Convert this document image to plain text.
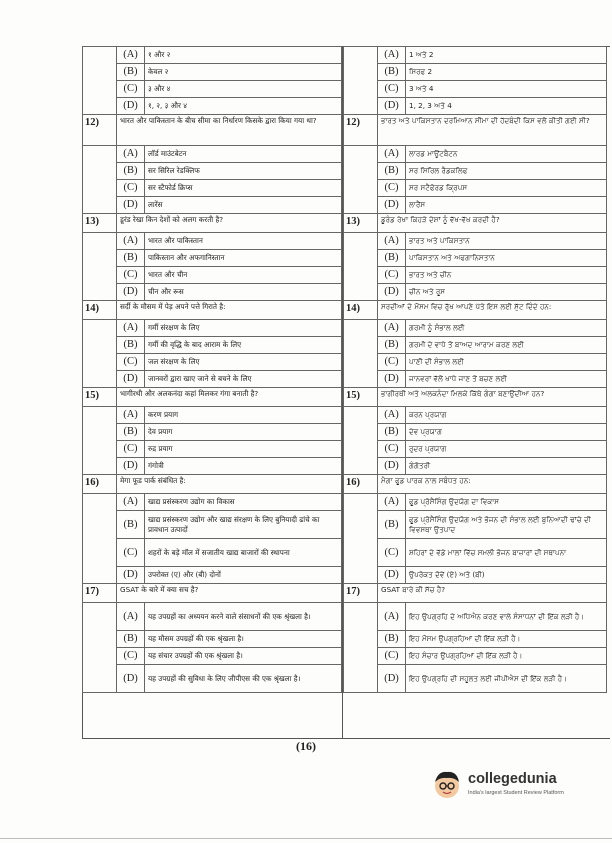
	(A)	१ और २
	(B)	केवल २
	(C)	३ और ४
	(D)	१, २, ३ और ४
12)	भारत और पाकिस्तान के बीच सीमा का निर्धारण किसके द्वारा किया गया था?	
	(A)	लॉर्ड माउंटबेटन
	(B)	सर सिरिल रेडक्लिफ
	(C)	सर स्टैफोर्ड क्रिप्स
	(D)	लारेंस
13)	डूरंड रेखा किन देशों को अलग करती है?	
	(A)	भारत और पाकिस्तान
	(B)	पाकिस्तान और अफगानिस्तान
	(C)	भारत और चीन
	(D)	चीन और रूस
14)	सर्दी के मौसम में पेड़ अपने पत्ते गिराते है:	
	(A)	गर्मी संरक्षण के लिए
	(B)	गर्मी की वृद्धि के बाद आराम के लिए
	(C)	जल संरक्षण के लिए
	(D)	जानवरों द्वारा खाए जाने से बचने के लिए
15)	भागीरथी और अलकनंदा कहां मिलकर गंगा बनाती है?	
	(A)	करण प्रयाग
	(B)	देव प्रयाग
	(C)	रुद्र प्रयाग
	(D)	गंगोत्री
16)	मेगा फूड पार्क संबंधित है:	
	(A)	खाद्य प्रसंस्करण उद्योग का विकास
	(B)	खाद्य प्रसंस्करण उद्योग और खाद्य संरक्षण के लिए बुनियादी ढांचे का प्रावधान उत्पादों
	(C)	शहरों के बड़े मॉल में सजातीय खाद्य बाजारों की स्थापना
	(D)	उपरोक्त (ए) और (बी) दोनों
17)	GSAT के बारे में क्या सच है?	
	(A)	यह उपग्रहों का अध्ययन करने वाले संसाधनों की एक श्रृंखला है।
	(B)	यह मौसम उपग्रहों की एक श्रृंखला है।
	(C)	यह संचार उपग्रहों की एक श्रृंखला है।
	(D)	यह उपग्रहों की सुविधा के लिए जीपीएस की एक श्रृंखला है।
	(A)	1 ਅਤੇ 2
	(B)	ਸਿਰਫ 2
	(C)	3 ਅਤੇ 4
	(D)	1, 2, 3 ਅਤੇ 4
12)	ਭਾਰਤ ਅਤੇ ਪਾਕਿਸਤਾਨ ਦਰਮਿਆਨ ਸੀਮਾ ਦੀ ਹੱਦਬੰਦੀ ਕਿਸ ਵਲੋਂ ਕੀਤੀ ਗਈ ਸੀ?	
	(A)	ਲਾਰਡ ਮਾਊਂਟਬੈਟਨ
	(B)	ਸਰ ਸਿਰਿਲ ਰੈਡਕਲਿਫ
	(C)	ਸਰ ਸਟੈਫੋਰਡ ਕ੍ਰਿਪਸ
	(D)	ਲਾਰੈਂਸ
13)	ਡੂਰੰਡ ਰੇਖਾ ਕਿਹੜੇ ਦੇਸ਼ਾਂ ਨੂੰ ਵੱਖ-ਵੱਖ ਕਰਦੀ ਹੈ?	
	(A)	ਭਾਰਤ ਅਤੇ ਪਾਕਿਸਤਾਨ
	(B)	ਪਾਕਿਸਤਾਨ ਅਤੇ ਅਫਗਾਨਿਸਤਾਨ
	(C)	ਭਾਰਤ ਅਤੇ ਚੀਨ
	(D)	ਚੀਨ ਅਤੇ ਰੂਸ
14)	ਸਰਦੀਆਂ ਦੇ ਮੌਸਮ ਵਿਚ ਰੁੱਖ ਆਪਣੇ ਪੱਤੇ ਇਸ ਲਈ ਸੁੱਟ ਦਿੰਦੇ ਹਨ:	
	(A)	ਗਰਮੀ ਨੂੰ ਸੰਭਾਲ ਲਈ
	(B)	ਗਰਮੀ ਦੇ ਵਾਧੇ ਤੋਂ ਬਾਅਦ ਆਰਾਮ ਕਰਣ ਲਈ
	(C)	ਪਾਣੀ ਦੀ ਸੰਭਾਲ ਲਈ
	(D)	ਜਾਨਵਰਾਂ ਵੱਲੋਂ ਖਾਧੇ ਜਾਣ ਤੋਂ ਬਚਣ ਲਈ
15)	ਭਾਗੀਰਥੀ ਅਤੇ ਅਲਕਨੰਦਾ ਮਿਲਕੇ ਕਿੱਥੇ ਗੰਗਾ ਬਣਾਉਂਦੀਆ ਹਨ?	
	(A)	ਕਰਨ ਪ੍ਰਯਾਗ
	(B)	ਦੇਵ ਪ੍ਰਯਾਗ
	(C)	ਰੁਦਰ ਪ੍ਰਯਾਗ
	(D)	ਗੰਗੋਤਰੀ
16)	ਮੈਗਾ ਫੂਡ ਪਾਰਕ ਨਾਲ ਸਬੰਧਤ ਹਨ:	
	(A)	ਫੂਡ ਪ੍ਰੋਸੈਸਿੰਗ ਉਦਯੋਗ ਦਾ ਵਿਕਾਸ
	(B)	ਫੂਡ ਪ੍ਰੋਸੈਸਿੰਗ ਉਦਯੋਗ ਅਤੇ ਭੋਜਨ ਦੀ ਸੰਭਾਲ ਲਈ ਬੁਨਿਆਦੀ ਢਾਂਚੇ ਦੀ ਵਿਵਸਥਾ ਉਤਪਾਦ
	(C)	ਸ਼ਹਿਰਾਂ ਦੇ ਵੱਡੇ ਮਾਲਾਂ ਵਿੱਚ ਸਮਲੀ ਭੋਜਨ ਬਾਜ਼ਾਰਾਂ ਦੀ ਸਥਾਪਨਾ
	(D)	ਉਪਰੋਕਤ ਦੋਵੇਂ (ਏ) ਅਤੇ (ਬੀ)
17)	GSAT ਬਾਰੇ ਕੀ ਸੱਚ ਹੈ?	
	(A)	ਇਹ ਉਪਗ੍ਰਹਿ ਦੇ ਅਧਿਐਨ ਕਰਣ ਵਾਲੇ ਸੰਸਾਧਨਾਂ ਦੀ ਇੱਕ ਲੜੀ ਹੈ।
	(B)	ਇਹ ਮੌਸਮ ਉਪਗ੍ਰਹਿਆਂ ਦੀ ਇੱਕ ਲੜੀ ਹੈ।
	(C)	ਇਹ ਸੰਚਾਰ ਉਪਗ੍ਰਹਿਆਂ ਦੀ ਇੱਕ ਲੜੀ ਹੈ।
	(D)	ਇਹ ਉਪਗ੍ਰਹਿ ਦੀ ਸਹੂਲਤ ਲਈ ਜੀਪੀਐਸ ਦੀ ਇੱਕ ਲੜੀ ਹੈ।
(16)
collegedunia
India's largest Student Review Platform
